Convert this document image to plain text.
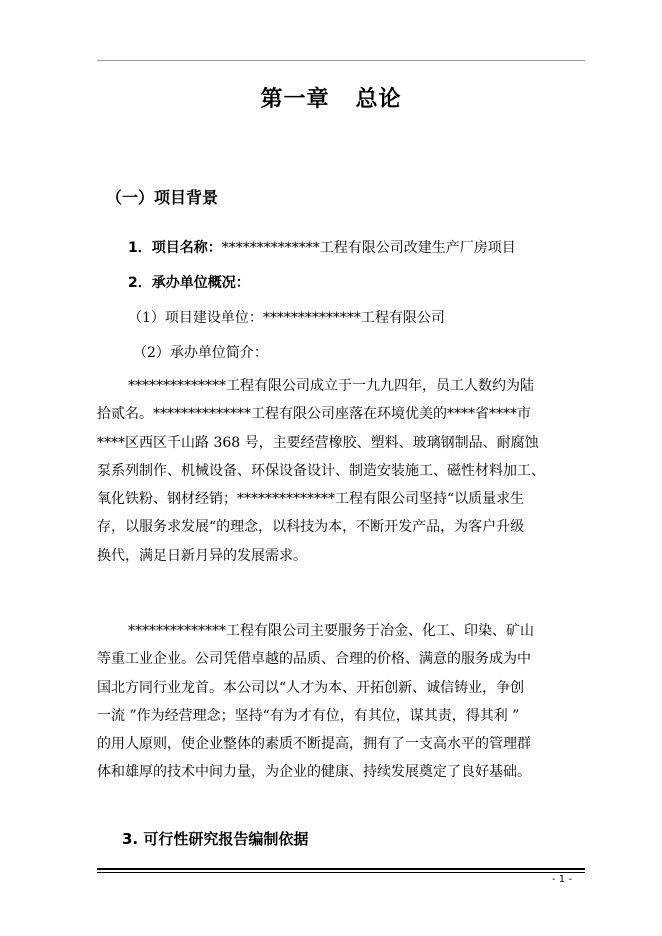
第一章 总论
（一）项目背景
1．项目名称：**************工程有限公司改建生产厂房项目
2．承办单位概况：
（1）项目建设单位：**************工程有限公司
（2）承办单位简介：
**************工程有限公司成立于一九九四年，员工人数约为陆
拾贰名。**************工程有限公司座落在环境优美的****省****市
****区西区千山路 368 号，主要经营橡胶、塑料、玻璃钢制品、耐腐蚀
泵系列制作、机械设备、环保设备设计、制造安装施工、磁性材料加工、
氧化铁粉、钢材经销；**************工程有限公司坚持“以质量求生
存，以服务求发展“的理念，以科技为本，不断开发产品，为客户升级
换代，满足日新月异的发展需求。
**************工程有限公司主要服务于冶金、化工、印染、矿山
等重工业企业。公司凭借卓越的品质、合理的价格、满意的服务成为中
国北方同行业龙首。本公司以“人才为本、开拓创新、诚信铸业，争创
一流 ”作为经营理念；坚持“有为才有位，有其位，谋其责，得其利 ”
的用人原则，使企业整体的素质不断提高，拥有了一支高水平的管理群
体和雄厚的技术中间力量，为企业的健康、持续发展奠定了良好基础。
3. 可行性研究报告编制依据
- 1 -
